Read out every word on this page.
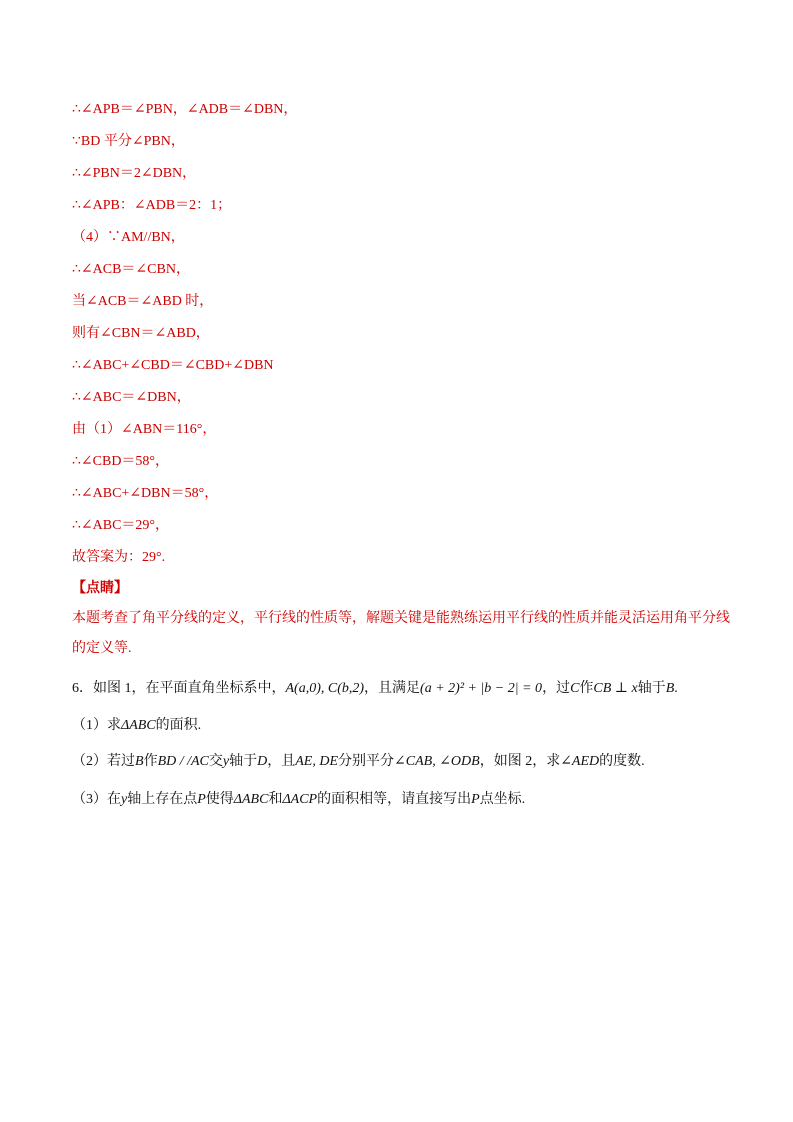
∴∠APB＝∠PBN，∠ADB＝∠DBN，
∵BD 平分∠PBN，
∴∠PBN＝2∠DBN，
∴∠APB：∠ADB＝2：1；
（4）∵AM//BN，
∴∠ACB＝∠CBN，
当∠ACB＝∠ABD 时，
则有∠CBN＝∠ABD，
∴∠ABC+∠CBD＝∠CBD+∠DBN
∴∠ABC＝∠DBN，
由（1）∠ABN＝116°，
∴∠CBD＝58°，
∴∠ABC+∠DBN＝58°，
∴∠ABC＝29°，
故答案为：29°.
【点睛】
本题考查了角平分线的定义，平行线的性质等，解题关键是能熟练运用平行线的性质并能灵活运用角平分线的定义等.
6．如图 1，在平面直角坐标系中，A(a,0), C(b,2)，且满足(a + 2)² + |b − 2| = 0，过C作CB ⊥ x轴于B.
（1）求ΔABC的面积.
（2）若过B作BD / /AC交y轴于D，且AE, DE分别平分∠CAB, ∠ODB，如图 2，求∠AED的度数.
（3）在y轴上存在点P使得ΔABC和ΔACP的面积相等，请直接写出P点坐标.
